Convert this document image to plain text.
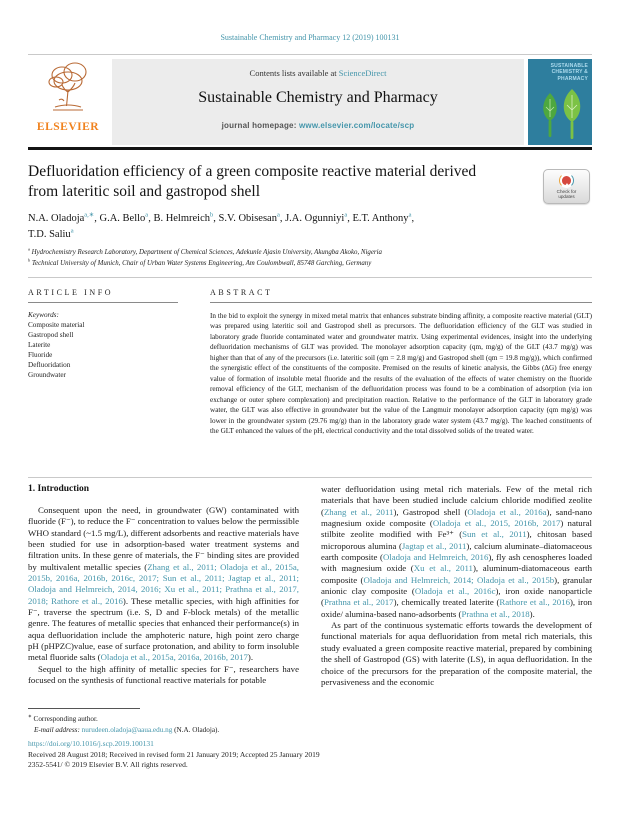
Sustainable Chemistry and Pharmacy 12 (2019) 100131
ELSEVIER
Contents lists available at ScienceDirect
Sustainable Chemistry and Pharmacy
journal homepage: www.elsevier.com/locate/scp
SUSTAINABLE
CHEMISTRY &
PHARMACY
Defluoridation efficiency of a green composite reactive material derived from lateritic soil and gastropod shell	Check for
updates
N.A. Oladoja$^{a,∗}$, G.A. Bello$^a$, B. Helmreich$^b$, S.V. Obisesan$^a$, J.A. Ogunniyi$^a$, E.T. Anthony$^a$,
T.D. Saliu$^a$
$^a$ Hydrochemistry Research Laboratory, Department of Chemical Sciences, Adekunle Ajasin University, Akungba Akoko, Nigeria
$^b$ Technical University of Munich, Chair of Urban Water Systems Engineering, Am Coulombwall, 85748 Garching, Germany
ARTICLE INFO
Keywords:
Composite material
Gastropod shell
Laterite
Fluoride
Defluoridation
Groundwater
ABSTRACT

In the bid to exploit the synergy in mixed metal matrix that enhances substrate binding affinity, a composite reactive material (GLT) was prepared using lateritic soil and Gastropod shell as precursors. The defluoridation efficiency of the GLT was studied in laboratory grade fluoride contaminated water and groundwater matrix. Using experimental evidences, insight into the underlying defluoridation mechanisms of GLT was provided. The monolayer adsorption capacity (qm, mg/g) of the GLT (43.7 mg/g) was higher than that of any of the precursors (i.e. lateritic soil (qm = 2.8 mg/g) and Gastropod shell (qm = 19.8 mg/g)), which confirmed the synergistic effect of the constituents of the composite. Premised on the results of kinetic analysis, the Gibbs (ΔG) free energy value of formation of insoluble metal fluoride and the results of the evaluation of the effects of water chemistry on the fluoride removal efficiency of the GLT, mechanism of the defluoridation process was found to be a combination of adsorption (via ion exchange or outer sphere complexation) and precipitation reaction. Relative to the performance of the GLT in laboratory grade water, the GLT was also effective in groundwater but the value of the Langmuir monolayer adsorption capacity (qm mg/g) was lower in the groundwater system (29.76 mg/g) than in the laboratory grade water system (43.7 mg/g). The leached constituents of the GLT enhanced the values of the pH, electrical conductivity and the total dissolved solids of the treated water.

1. Introduction

Consequent upon the need, in groundwater (GW) contaminated with fluoride (F⁻), to reduce the F⁻ concentration to values below the permissible WHO standard (~1.5 mg/L), different adsorbents and reactive materials have been studied for use in adsorption-based water treatment systems and filtration units. In these genre of materials, the F⁻ binding sites are provided by multivalent metallic species (Zhang et al., 2011; Oladoja et al., 2015a, 2015b, 2016a, 2016b, 2016c, 2017; Sun et al., 2011; Jagtap et al., 2011; Oladoja and Helmreich, 2014, 2016; Xu et al., 2011; Prathna et al., 2017, 2018; Rathore et al., 2016). These metallic species, with high affinities for F⁻, traverse the spectrum (i.e. S, D and F-block metals) of the metallic genre. The features of metallic species that enhanced their performance(s) in aqua defluoridation include the amphoteric nature, high point zero charge pH (pHPZC)value, ease of surface protonation, and ability to form insoluble metal fluoride salts (Oladoja et al., 2015a, 2016a, 2016b, 2017).

Sequel to the high affinity of metallic species for F⁻, researchers have focused on the synthesis of functional reactive materials for potable

water defluoridation using metal rich materials. Few of the metal rich materials that have been studied include calcium chloride modified zeolite (Zhang et al., 2011), Gastropod shell (Oladoja et al., 2016a), sand-nano magnesium oxide composite (Oladoja et al., 2015, 2016b, 2017) natural stilbite zeolite modified with Fe³⁺ (Sun et al., 2011), chitosan based microporous alumina (Jagtap et al., 2011), calcium aluminate–diatomaceous earth composite (Oladoja and Helmreich, 2016), fly ash cenospheres loaded with magnesium oxide (Xu et al., 2011), aluminum-diatomaceous earth composite (Oladoja and Helmreich, 2014; Oladoja et al., 2015b), granular anionic clay composite (Oladoja et al., 2016c), iron oxide nanoparticle (Prathna et al., 2017), chemically treated laterite (Rathore et al., 2016), iron oxide/ alumina-based nano-adsorbents (Prathna et al., 2018).

As part of the continuous systematic efforts towards the development of functional materials for aqua defluoridation from metal rich materials, this study evaluated a green composite reactive material, prepared by combining the shell of Gastropod (GS) with laterite (LS), in aqua defluoridation. In the choice of the precursors for the preparation of the composite material, the pervasiveness and the economic

∗ Corresponding author.
E-mail address: nurudeen.oladoja@aaua.edu.ng (N.A. Oladoja).
https://doi.org/10.1016/j.scp.2019.100131
Received 28 August 2018; Received in revised form 21 January 2019; Accepted 25 January 2019
2352-5541/ © 2019 Elsevier B.V. All rights reserved.
